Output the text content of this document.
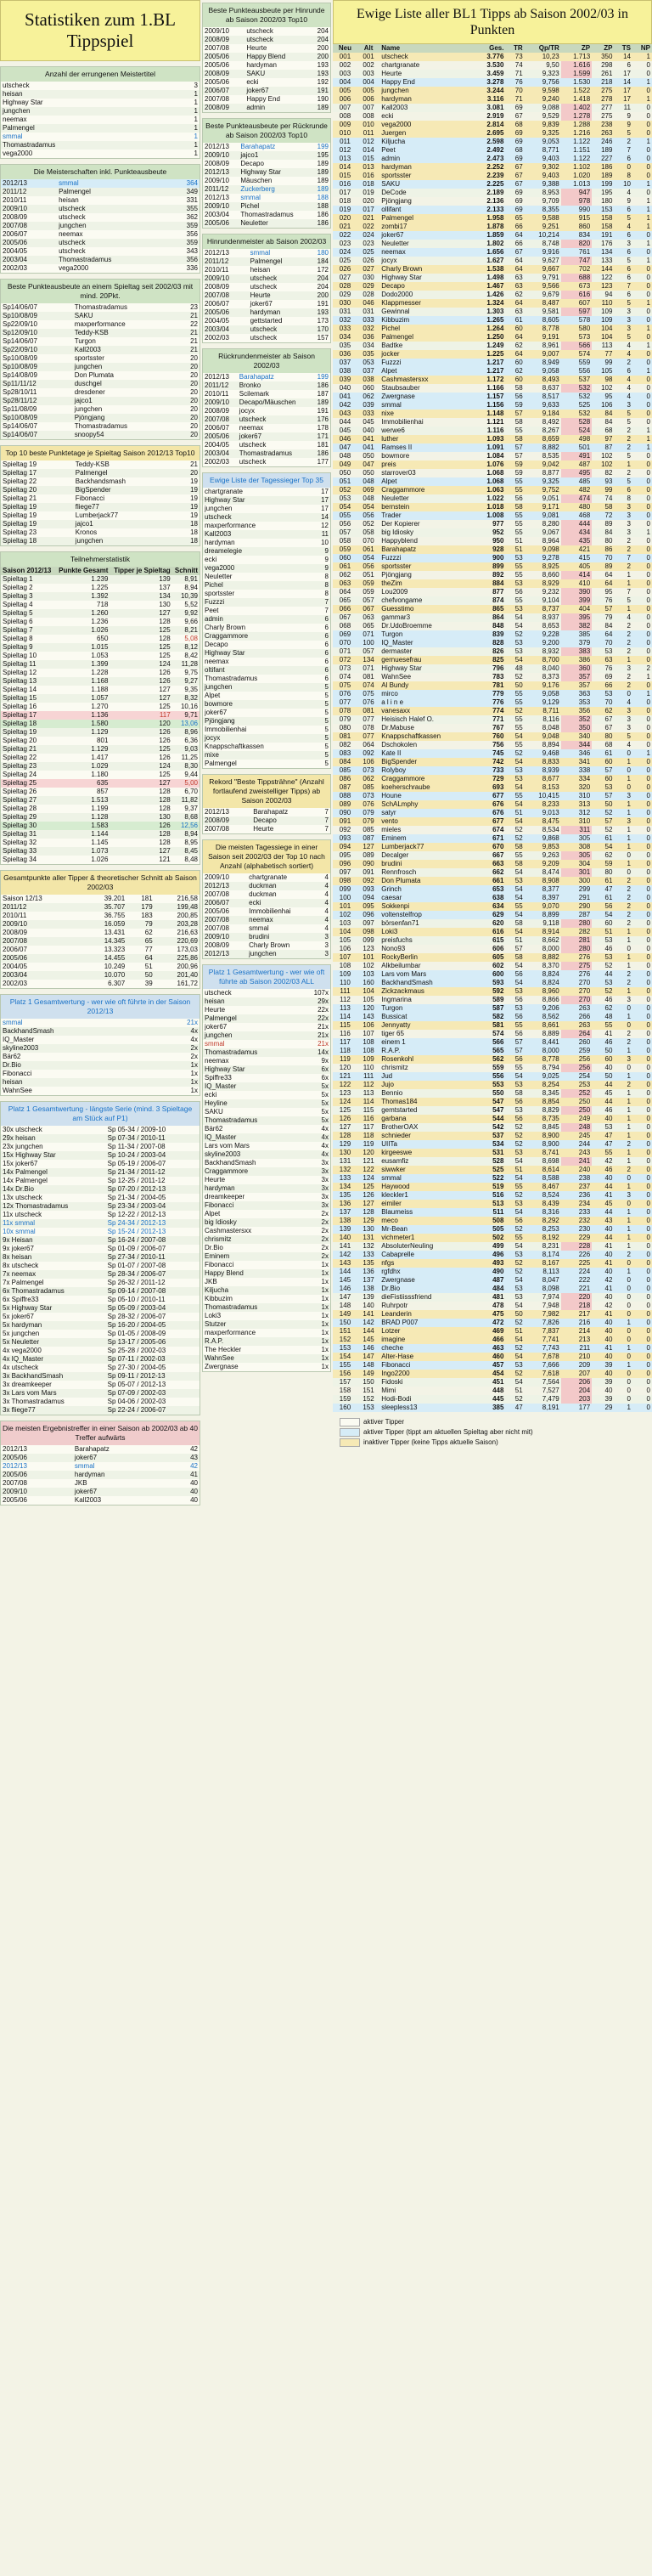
Statistiken zum 1.BL Tippspiel
Anzahl der errungenen Meistertitel
utscheck	3
heisan	1
Highway Star	1
jungchen	1
neemax	1
Palmengel	1
smmal	1
Thomastradamus	1
vega2000	1
Die Meisterschaften inkl. Punkteausbeute
2012/13	smmal	364
2011/12	Palmengel	349
2010/11	heisan	331
2009/10	utscheck	355
2008/09	utscheck	362
2007/08	jungchen	359
2006/07	neemax	356
2005/06	utscheck	359
2004/05	utscheck	343
2003/04	Thomastradamus	356
2002/03	vega2000	336
Beste Punkteausbeute an einem Spieltag seit 2002/03 mit mind. 20Pkt.
Sp14/06/07	Thomastradamus	23
Sp10/08/09	SAKU	21
Sp22/09/10	maxperformance	22
Sp12/09/10	Teddy-KSB	21
Sp14/06/07	Turgon	21
Sp22/09/10	Kall2003	21
Sp10/08/09	sportsster	20
Sp10/08/09	jungchen	20
Sp14/08/09	Don Plumata	20
Sp11/11/12	duschgel	20
Sp28/10/11	dresdener	20
Sp28/11/12	jajco1	20
Sp11/08/09	jungchen	20
Sp10/08/09	Pjöngjang	20
Sp14/06/07	Thomastradamus	20
Sp14/06/07	snoopy54	20
Top 10 beste Punktetage je Spieltag Saison 2012/13 Top10
Spieltag 19	Teddy-KSB	21
Spieltag 17	Palmengel	20
Spieltag 22	Backhandsmash	19
Spieltag 20	BigSpender	19
Spieltag 21	Fibonacci	19
Spieltag 19	fliege77	19
Spieltag 19	Lumberjack77	19
Spieltag 19	jajco1	18
Spieltag 23	Kronos	18
Spieltag 18	jungchen	18
Teilnehmerstatistik
Saison 2012/13	Punkte Gesamt	Tipper je Spieltag	Schnitt
Spieltag 1	1.239	139	8,91
Spieltag 2	1.225	137	8,94
Spieltag 3	1.392	134	10,39
Spieltag 4	718	130	5,52
Spieltag 5	1.260	127	9,92
Spieltag 6	1.236	128	9,66
Spieltag 7	1.026	125	8,21
Spieltag 8	650	128	5,08
Spieltag 9	1.015	125	8,12
Spieltag 10	1.053	125	8,42
Spieltag 11	1.399	124	11,28
Spieltag 12	1.228	126	9,75
Spieltag 13	1.168	126	9,27
Spieltag 14	1.188	127	9,35
Spieltag 15	1.057	127	8,32
Spieltag 16	1.270	125	10,16
Spieltag 17	1.136	117	9,71
Spieltag 18	1.580	120	13,06
Spieltag 19	1.129	126	8,96
Spieltag 20	801	126	6,36
Spieltag 21	1.129	125	9,03
Spieltag 22	1.417	126	11,25
Spieltag 23	1.029	124	8,30
Spieltag 24	1.180	125	9,44
Spieltag 25	635	127	5,00
Spieltag 26	857	128	6,70
Spieltag 27	1.513	128	11,82
Spieltag 28	1.199	128	9,37
Spieltag 29	1.128	130	8,68
Spieltag 30	1.583	126	12,56
Spieltag 31	1.144	128	8,94
Spieltag 32	1.145	128	8,95
Spieltag 33	1.073	127	8,45
Spieltag 34	1.026	121	8,48
Gesamtpunkte aller Tipper & theoretischer Schnitt ab Saison 2002/03
Saison 12/13	39.201	181	216,58
2011/12	35.707	179	199,48
2010/11	36.755	183	200,85
2009/10	16.059	79	203,28
2008/09	13.431	62	216,63
2007/08	14.345	65	220,69
2006/07	13.323	77	173,03
2005/06	14.455	64	225,86
2004/05	10.249	51	200,96
2003/04	10.070	50	201,40
2002/03	6.307	39	161,72
Platz 1 Gesamtwertung - wer wie oft führte in der Saison 2012/13
smmal	21x
BackhandSmash	4x
IQ_Master	4x
skyline2003	2x
Bär62	2x
Dr.Bio	1x
Fibonacci	1x
heisan	1x
WahnSee	1x
Platz 1 Gesamtwertung - längste Serie (mind. 3 Spieltage am Stück auf P1)
30x utscheck	Sp 05-34 / 2009-10
29x heisan	Sp 07-34 / 2010-11
23x jungchen	Sp 11-34 / 2007-08
15x Highway Star	Sp 10-24 / 2003-04
15x joker67	Sp 05-19 / 2006-07
14x Palmengel	Sp 21-34 / 2011-12
14x Palmengel	Sp 12-25 / 2011-12
14x Dr.Bio	Sp 07-20 / 2012-13
13x utscheck	Sp 21-34 / 2004-05
12x Thomastradamus	Sp 23-34 / 2003-04
11x utscheck	Sp 12-22 / 2012-13
11x smmal	Sp 24-34 / 2012-13
10x smmal	Sp 15-24 / 2012-13
9x Heisan	Sp 16-24 / 2007-08
9x joker67	Sp 01-09 / 2006-07
8x heisan	Sp 27-34 / 2010-11
8x utscheck	Sp 01-07 / 2007-08
7x neemax	Sp 28-34 / 2006-07
7x Palmengel	Sp 26-32 / 2011-12
6x Thomastradamus	Sp 09-14 / 2007-08
6x Spiffre33	Sp 05-10 / 2010-11
5x Highway Star	Sp 05-09 / 2003-04
5x joker67	Sp 28-32 / 2006-07
5x hardyman	Sp 16-20 / 2004-05
5x jungchen	Sp 01-05 / 2008-09
5x Neuletter	Sp 13-17 / 2005-06
4x vega2000	Sp 25-28 / 2002-03
4x IQ_Master	Sp 07-11 / 2002-03
4x utscheck	Sp 27-30 / 2004-05
3x BackhandSmash	Sp 09-11 / 2012-13
3x dreamkeeper	Sp 05-07 / 2012-13
3x Lars vom Mars	Sp 07-09 / 2002-03
3x Thomastradamus	Sp 04-06 / 2002-03
3x fliege77	Sp 22-24 / 2006-07
Die meisten Ergebnistreffer in einer Saison ab 2002/03 ab 40 Treffer aufwärts
2012/13	Barahapatz	42
2005/06	joker67	43
2012/13	smmal	42
2005/06	hardyman	41
2007/08	JKB	40
2009/10	joker67	40
2005/06	Kall2003	40
Beste Punkteausbeute per Hinrunde ab Saison 2002/03 Top10
2009/10	utscheck	204
2008/09	utscheck	204
2007/08	Heurte	200
2005/06	Happy Blend	200
2005/06	hardyman	193
2008/09	SAKU	193
2005/06	ecki	192
2006/07	joker67	191
2007/08	Happy End	190
2008/09	admin	189
Beste Punkteausbeute per Rückrunde ab Saison 2002/03 Top10
2012/13	Barahapatz	199
2009/10	jajco1	195
2008/09	Decapo	189
2012/13	Highway Star	189
2009/10	Mäuschen	189
2011/12	Zuckerberg	189
2012/13	smmal	188
2009/10	Pichel	188
2003/04	Thomastradamus	186
2005/06	Neuletter	186
Hinrundenmeister ab Saison 2002/03
2012/13	smmal	180
2011/12	Palmengel	184
2010/11	heisan	172
2009/10	utscheck	204
2008/09	utscheck	204
2007/08	Heurte	200
2006/07	joker67	191
2005/06	hardyman	193
2004/05	gettstarted	173
2003/04	utscheck	170
2002/03	utscheck	157
Rückrundenmeister ab Saison 2002/03
2012/13	Barahapatz	199
2011/12	Bronko	186
2010/11	Scilemark	187
2009/10	Decapo/Mäuschen	189
2008/09	jocyx	191
2007/08	utscheck	176
2006/07	neemax	178
2005/06	joker67	171
2004/05	utscheck	181
2003/04	Thomastradamus	186
2002/03	utscheck	177
Ewige Liste der Tagessieger Top 35
chartgranate	17
Highway Star	17
jungchen	17
utscheck	14
maxperformance	12
Kall2003	11
hardyman	10
dreamelegie	9
ecki	9
vega2000	9
Neuletter	8
Pichel	8
sportsster	8
Fuzzzi	7
Peet	7
admin	6
Charly Brown	6
Craggammore	6
Decapo	6
Highway Star	6
neemax	6
oltifant	6
Thomastradamus	6
jungchen	5
Alpet	5
bowmore	5
joker67	5
Pjöngjang	5
Immobilienhai	5
jocyx	5
Knappschaftkassen	5
mixe	5
Palmengel	5
Rekord "Beste Tippsträhne" (Anzahl fortlaufend zweistelliger Tipps) ab Saison 2002/03
2012/13	Barahapatz	7
2008/09	Decapo	7
2007/08	Heurte	7
Die meisten Tagessiege in einer Saison seit 2002/03 der Top 10 nach Anzahl (alphabetisch sortiert)
2009/10	chartgranate	4
2012/13	duckman	4
2007/08	duckman	4
2006/07	ecki	4
2005/06	Immobilienhai	4
2007/08	neemax	4
2007/08	smmal	4
2009/10	brudini	3
2008/09	Charly Brown	3
2012/13	jungchen	3
Platz 1 Gesamtwertung - wer wie oft führte ab Saison 2002/03 ALL
utscheck	107x
heisan	29x
Heurte	22x
Palmengel	22x
joker67	21x
jungchen	21x
smmal	21x
Thomastradamus	14x
neemax	9x
Highway Star	6x
Spiffre33	6x
IQ_Master	5x
ecki	5x
Heyline	5x
SAKU	5x
Thomastradamus	5x
Bär62	4x
IQ_Master	4x
Lars vom Mars	4x
skyline2003	4x
BackhandSmash	3x
Craggammore	3x
Heurte	3x
hardyman	3x
dreamkeeper	3x
Fibonacci	3x
Alpet	2x
big Idiosky	2x
Cashmastersxx	2x
chrismitz	2x
Dr.Bio	2x
Eminem	2x
Fibonacci	1x
Happy Blend	1x
JKB	1x
Kiljucha	1x
Kibbuzim	1x
Thomastradamus	1x
Loki3	1x
Stutzer	1x
maxperformance	1x
R.A.P.	1x
The Heckler	1x
WahnSee	1x
Zwergnase	1x
Ewige Liste aller BL1 Tipps ab Saison 2002/03 in Punkten
Neu	Alt	Name	Ges.	TR	Qp/TR	ZP	ZP	TS	NP
001	001	utscheck	3.776	73	10,23	1.713	350	14	1
002	002	chartgranate	3.530	74	9,50	1.616	298	6	0
003	003	Heurte	3.459	71	9,323	1.599	261	17	0
004	004	Happy End	3.278	76	9,756	1.530	218	14	1
005	005	jungchen	3.244	70	9,598	1.522	275	17	0
006	006	hardyman	3.116	71	9,240	1.418	278	17	1
007	007	Kall2003	3.081	69	9,088	1.402	277	11	0
008	008	ecki	2.919	67	9,529	1.278	275	9	0
009	010	vega2000	2.814	68	9,839	1.288	238	9	0
010	011	Juergen	2.695	69	9,325	1.216	263	5	0
011	012	Kiljucha	2.598	69	9,053	1.122	246	2	1
012	014	Peet	2.492	68	8,771	1.151	189	7	0
013	015	admin	2.473	69	9,403	1.122	227	6	0
014	013	hardyman	2.252	67	9,302	1.102	186	0	0
015	016	sportsster	2.239	67	9,403	1.020	189	8	0
016	018	SAKU	2.225	67	9,388	1.013	199	10	1
017	019	DeCode	2.189	69	8,953	947	195	4	0
018	020	Pjöngjang	2.136	69	9,709	978	180	9	1
019	017	ollifant	2.133	69	8,355	990	153	6	1
020	021	Palmengel	1.958	65	9,588	915	158	5	1
021	022	zombi17	1.878	66	9,251	860	158	4	1
022	024	joker67	1.859	64	10,214	834	191	6	0
023	023	Neuletter	1.802	66	8,748	820	176	3	1
024	025	neemax	1.656	67	9,916	761	134	6	0
025	026	jocyx	1.627	64	9,627	747	133	5	1
026	027	Charly Brown	1.538	64	9,667	702	144	6	0
027	030	Highway Star	1.498	63	9,791	688	122	6	0
028	029	Decapo	1.467	63	9,566	673	123	7	0
029	028	Dodo2000	1.426	62	9,679	616	94	6	0
030	046	Klappmesser	1.324	64	8,487	607	110	5	1
031	031	Gewinnal	1.303	63	9,581	597	109	3	0
032	033	Kibbuzim	1.265	61	8,605	578	109	3	0
033	032	Pichel	1.264	60	8,778	580	104	3	1
034	036	Palmengel	1.250	64	9,191	573	104	5	0
035	034	Badtke	1.249	62	8,961	566	113	4	1
036	035	jocker	1.225	64	9,007	574	77	4	0
037	053	Fuzzzi	1.217	60	8,949	559	99	2	0
038	037	Alpet	1.217	62	9,058	556	105	6	1
039	038	Cashmastersxx	1.172	60	8,493	537	98	4	0
040	060	Staubsauber	1.166	58	8,637	532	102	4	0
041	062	Zwergnase	1.157	56	8,517	532	95	4	0
042	039	smmal	1.156	59	9,633	525	106	3	0
043	033	nixe	1.148	57	9,184	532	84	5	0
044	045	Immobilienhai	1.121	58	8,492	528	84	5	0
045	040	werwe6	1.116	55	8,267	524	68	2	1
046	041	luther	1.093	58	8,659	498	97	2	1
047	041	Ramses II	1.091	57	8,882	501	87	2	1
048	050	bowmore	1.084	57	8,535	491	102	5	0
049	047	preis	1.076	59	9,042	487	102	1	0
050	050	starrover03	1.068	59	8,877	495	82	2	0
051	048	Alpet	1.068	55	9,325	485	93	5	0
052	069	Craggammore	1.063	55	9,752	482	99	6	0
053	048	Neuletter	1.022	56	9,051	474	74	8	0
054	054	bernstein	1.018	58	9,171	480	58	3	0
055	056	Trader	1.008	55	9,081	468	72	3	0
056	052	Der Kopierer	977	55	8,280	444	89	3	0
057	058	big Idiosky	952	55	9,067	434	84	3	1
058	070	Happyblend	950	51	8,964	435	80	2	0
059	061	Barahapatz	928	51	9,098	421	86	2	0
060	054	Fuzzzi	900	53	9,278	415	70	7	0
061	056	sportsster	899	55	8,925	405	89	2	0
062	051	Pjöngjang	892	55	8,660	414	64	1	0
063	059	theZim	884	53	8,929	410	64	1	0
064	059	Lou2009	877	56	9,232	390	95	7	0
065	057	chefvongame	874	55	9,104	399	76	5	0
066	067	Guesstimo	865	53	8,737	404	57	1	0
067	063	gammar3	864	54	8,937	395	79	4	0
068	065	Dr.UdoBroemme	848	54	8,653	382	84	2	0
069	071	Turgon	839	52	9,228	385	64	2	0
070	100	IQ_Master	828	53	9,200	379	70	2	0
071	057	dermaster	826	53	8,932	383	53	2	0
072	134	gernuesefrau	825	54	8,700	386	63	1	0
073	071	Highway Star	796	48	8,040	360	76	3	2
074	081	WahnSee	783	52	8,373	357	69	2	1
075	074	Al Bundy	781	50	9,176	357	66	2	0
076	075	mirco	779	55	9,058	363	53	0	1
077	076	a l i n e	776	55	9,129	353	70	4	0
078	081	vanesaxx	774	52	8,711	356	62	3	0
079	077	Heisisch Halef O.	771	55	8,116	352	67	3	0
080	078	Dr.Mabuse	767	55	8,048	350	67	3	0
081	077	Knappschaftkassen	760	54	9,048	340	80	5	0
082	064	Dschokolen	756	55	8,894	344	68	4	0
083	092	Kate II	745	52	9,468	346	61	0	1
084	106	BigSpender	742	54	8,833	341	60	1	0
085	073	Rolyboy	733	53	8,939	338	57	0	0
086	062	Craggammore	729	53	8,677	334	60	1	0
087	085	koeherschraube	693	54	8,153	320	53	0	0
088	073	Houne	677	55	10,415	310	57	3	0
089	076	SchALmphy	676	54	8,233	313	50	1	0
090	079	satyr	676	51	9,013	312	52	1	0
091	079	vento	677	54	8,475	310	57	3	0
092	085	mieles	674	52	8,534	311	52	1	0
093	087	Eminem	671	52	9,868	305	61	1	0
094	127	Lumberjack77	670	58	9,853	308	54	1	0
095	089	Decalger	667	55	9,263	305	62	0	0
096	090	brudini	663	58	9,209	304	59	1	0
097	091	Rennfrosch	662	54	8,474	301	80	0	0
098	092	Don Plumata	661	53	8,908	300	61	2	0
099	093	Grinch	653	54	8,377	299	47	2	0
100	094	caesar	638	54	8,397	291	61	2	0
101	095	Sokkenpi	634	55	9,070	290	56	2	0
102	096	voltenstelfrop	629	54	8,899	287	54	2	0
103	097	börsenfan71	620	58	9,118	280	60	2	0
104	098	Loki3	616	54	8,914	282	51	1	0
105	099	preisfuchs	615	51	8,662	281	53	1	0
106	123	Nono93	606	57	8,000	280	46	0	0
107	101	RockyBerlin	605	58	8,882	276	53	1	0
108	102	Alkbeilumbar	602	54	8,370	275	52	1	0
109	103	Lars vom Mars	600	56	8,824	276	44	2	0
110	160	BackhandSmash	593	54	8,824	270	53	2	0
111	104	Zickzackmaus	592	53	8,960	270	52	1	0
112	105	Ingmarina	589	56	8,866	270	46	3	0
113	120	Turgon	587	53	9,206	263	62	0	0
114	143	Bussicat	582	56	8,562	266	48	1	0
115	106	Jennyatty	581	55	8,661	263	55	0	0
116	107	tiger 65	574	56	8,889	264	41	2	0
117	108	einem 1	566	57	8,441	260	46	2	0
118	108	R.A.P.	565	57	8,000	259	50	1	0
119	109	Rosenkohl	562	56	8,778	256	60	3	0
120	110	chrismitz	559	55	8,794	256	40	0	0
121	111	Jud	556	54	9,025	254	50	1	0
122	112	Jujo	553	53	8,254	253	44	2	0
123	113	Bennio	550	58	8,345	252	45	1	0
124	114	Thomas184	547	56	8,854	250	44	1	0
125	115	gemtstarted	547	53	8,829	250	46	1	0
126	116	garbana	544	56	8,735	249	40	1	0
127	117	BrotherOAX	542	52	8,845	248	53	1	0
128	118	schnieder	537	52	8,900	245	47	1	0
129	119	UIITa	534	52	8,900	244	47	2	0
130	120	kirgeeswe	531	53	8,741	243	55	1	0
131	121	eusamfiz	528	54	8,698	241	42	1	0
132	122	siwwker	525	51	8,614	240	46	2	0
133	124	smmal	522	54	8,588	238	40	0	0
134	125	Haywood	519	55	8,467	237	44	1	0
135	126	kleckler1	516	52	8,524	236	41	3	0
136	127	eimiler	513	53	8,439	234	45	0	0
137	128	Blaumeiss	511	54	8,316	233	44	1	0
138	129	meco	508	56	8,292	232	43	1	0
139	130	Mr-Bean	505	52	8,253	230	40	1	0
140	131	vichmeter1	502	55	8,192	229	44	1	0
141	132	AbsoluterNeuling	499	54	8,231	228	41	1	0
142	133	Cabaprelle	496	53	8,174	226	40	2	0
143	135	nfgs	493	52	8,167	225	41	0	0
144	136	rgfdhx	490	52	8,113	224	40	1	0
145	137	Zwergnase	487	54	8,047	222	42	0	0
146	138	Dr.Bio	484	53	8,098	221	41	0	0
147	139	dieFistiisssfriend	481	53	7,974	220	40	0	0
148	140	Ruhrpotr	478	54	7,948	218	42	0	0
149	141	Leanderin	475	50	7,982	217	41	0	0
150	142	BRAD P007	472	52	7,826	216	40	1	0
151	144	Lotzer	469	51	7,837	214	40	0	0
152	145	imagine	466	54	7,741	213	40	0	0
153	146	cheche	463	52	7,743	211	41	1	0
154	147	Alter-Hase	460	54	7,678	210	40	0	0
155	148	Fibonacci	457	53	7,666	209	39	1	0
156	149	Ingo2200	454	52	7,618	207	40	0	0
157	150	Fidoski	451	54	7,564	206	39	0	0
158	151	Mimi	448	51	7,527	204	40	0	0
159	152	Hodi-Bodi	445	52	7,479	203	39	0	0
160	153	sleepless13	385	47	8,191	177	29	1	0
aktiver Tipper
aktiver Tipper (tippt am aktuellen Spieltag aber nicht mit)
inaktiver Tipper (keine Tipps aktuelle Saison)
